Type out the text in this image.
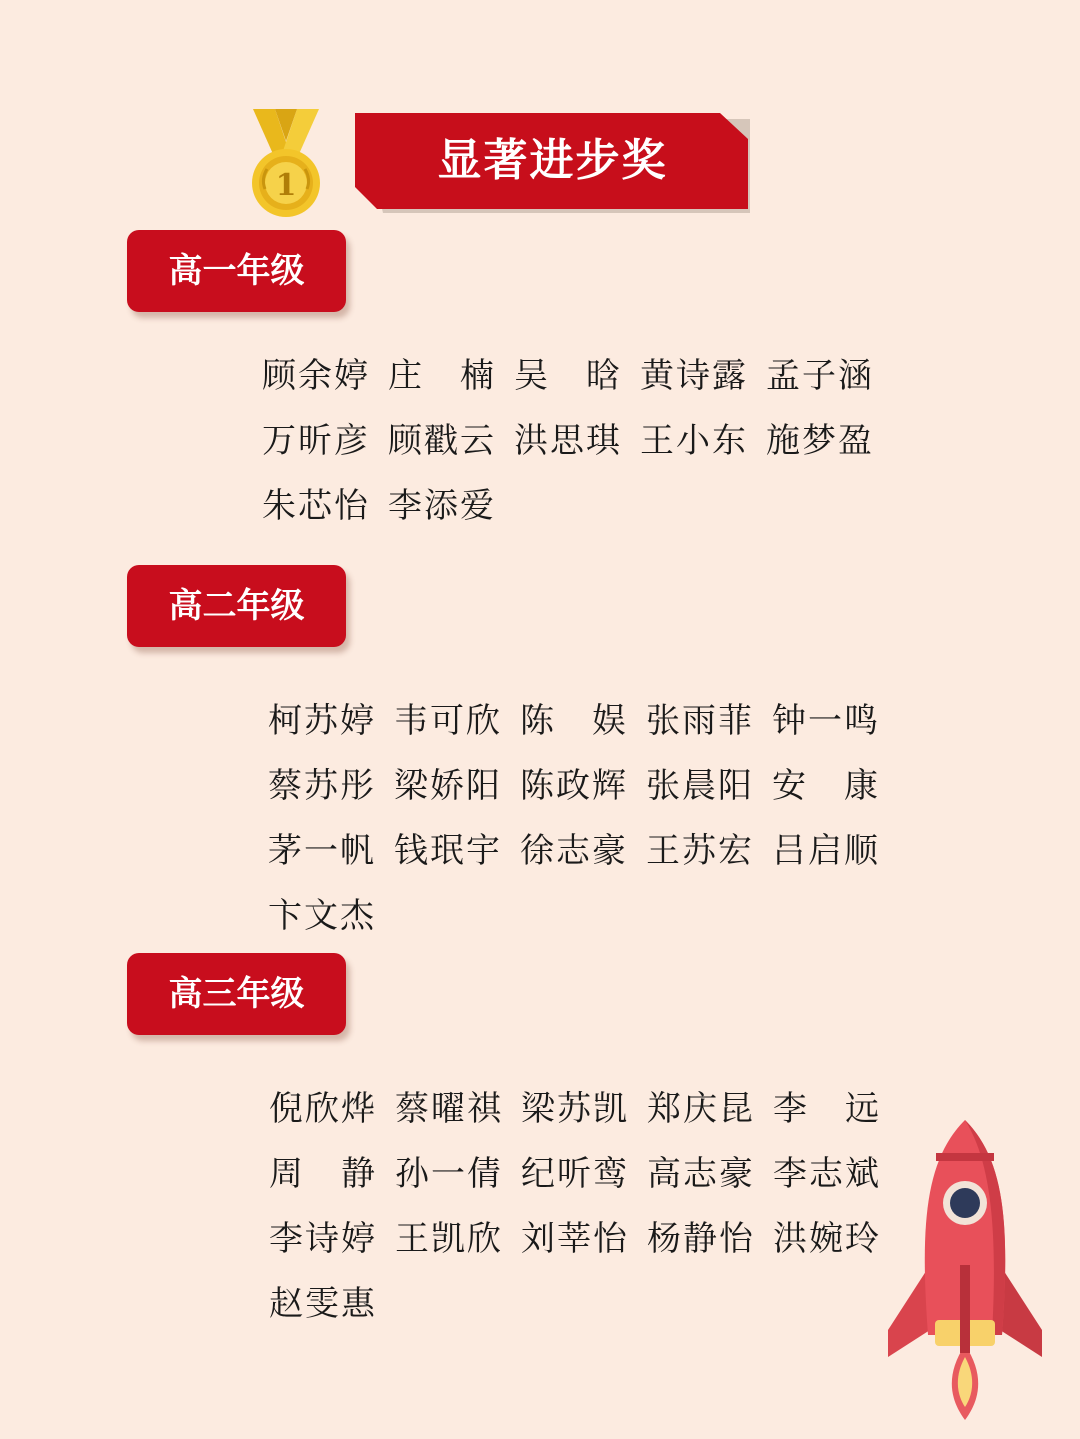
1	显著进步奖
高一年级
顾余婷 庄楠 吴晗 黄诗露 孟子涵
万昕彦 顾戳云 洪思琪 王小东 施梦盈
朱芯怡 李添爱
高二年级
柯苏婷 韦可欣 陈娱 张雨菲 钟一鸣
蔡苏彤 梁娇阳 陈政辉 张晨阳 安康
茅一帆 钱珉宇 徐志豪 王苏宏 吕启顺
卞文杰
高三年级
倪欣烨 蔡曜祺 梁苏凯 郑庆昆 李远
周静 孙一倩 纪听鸾 高志豪 李志斌
李诗婷 王凯欣 刘莘怡 杨静怡 洪婉玲
赵雯惠
